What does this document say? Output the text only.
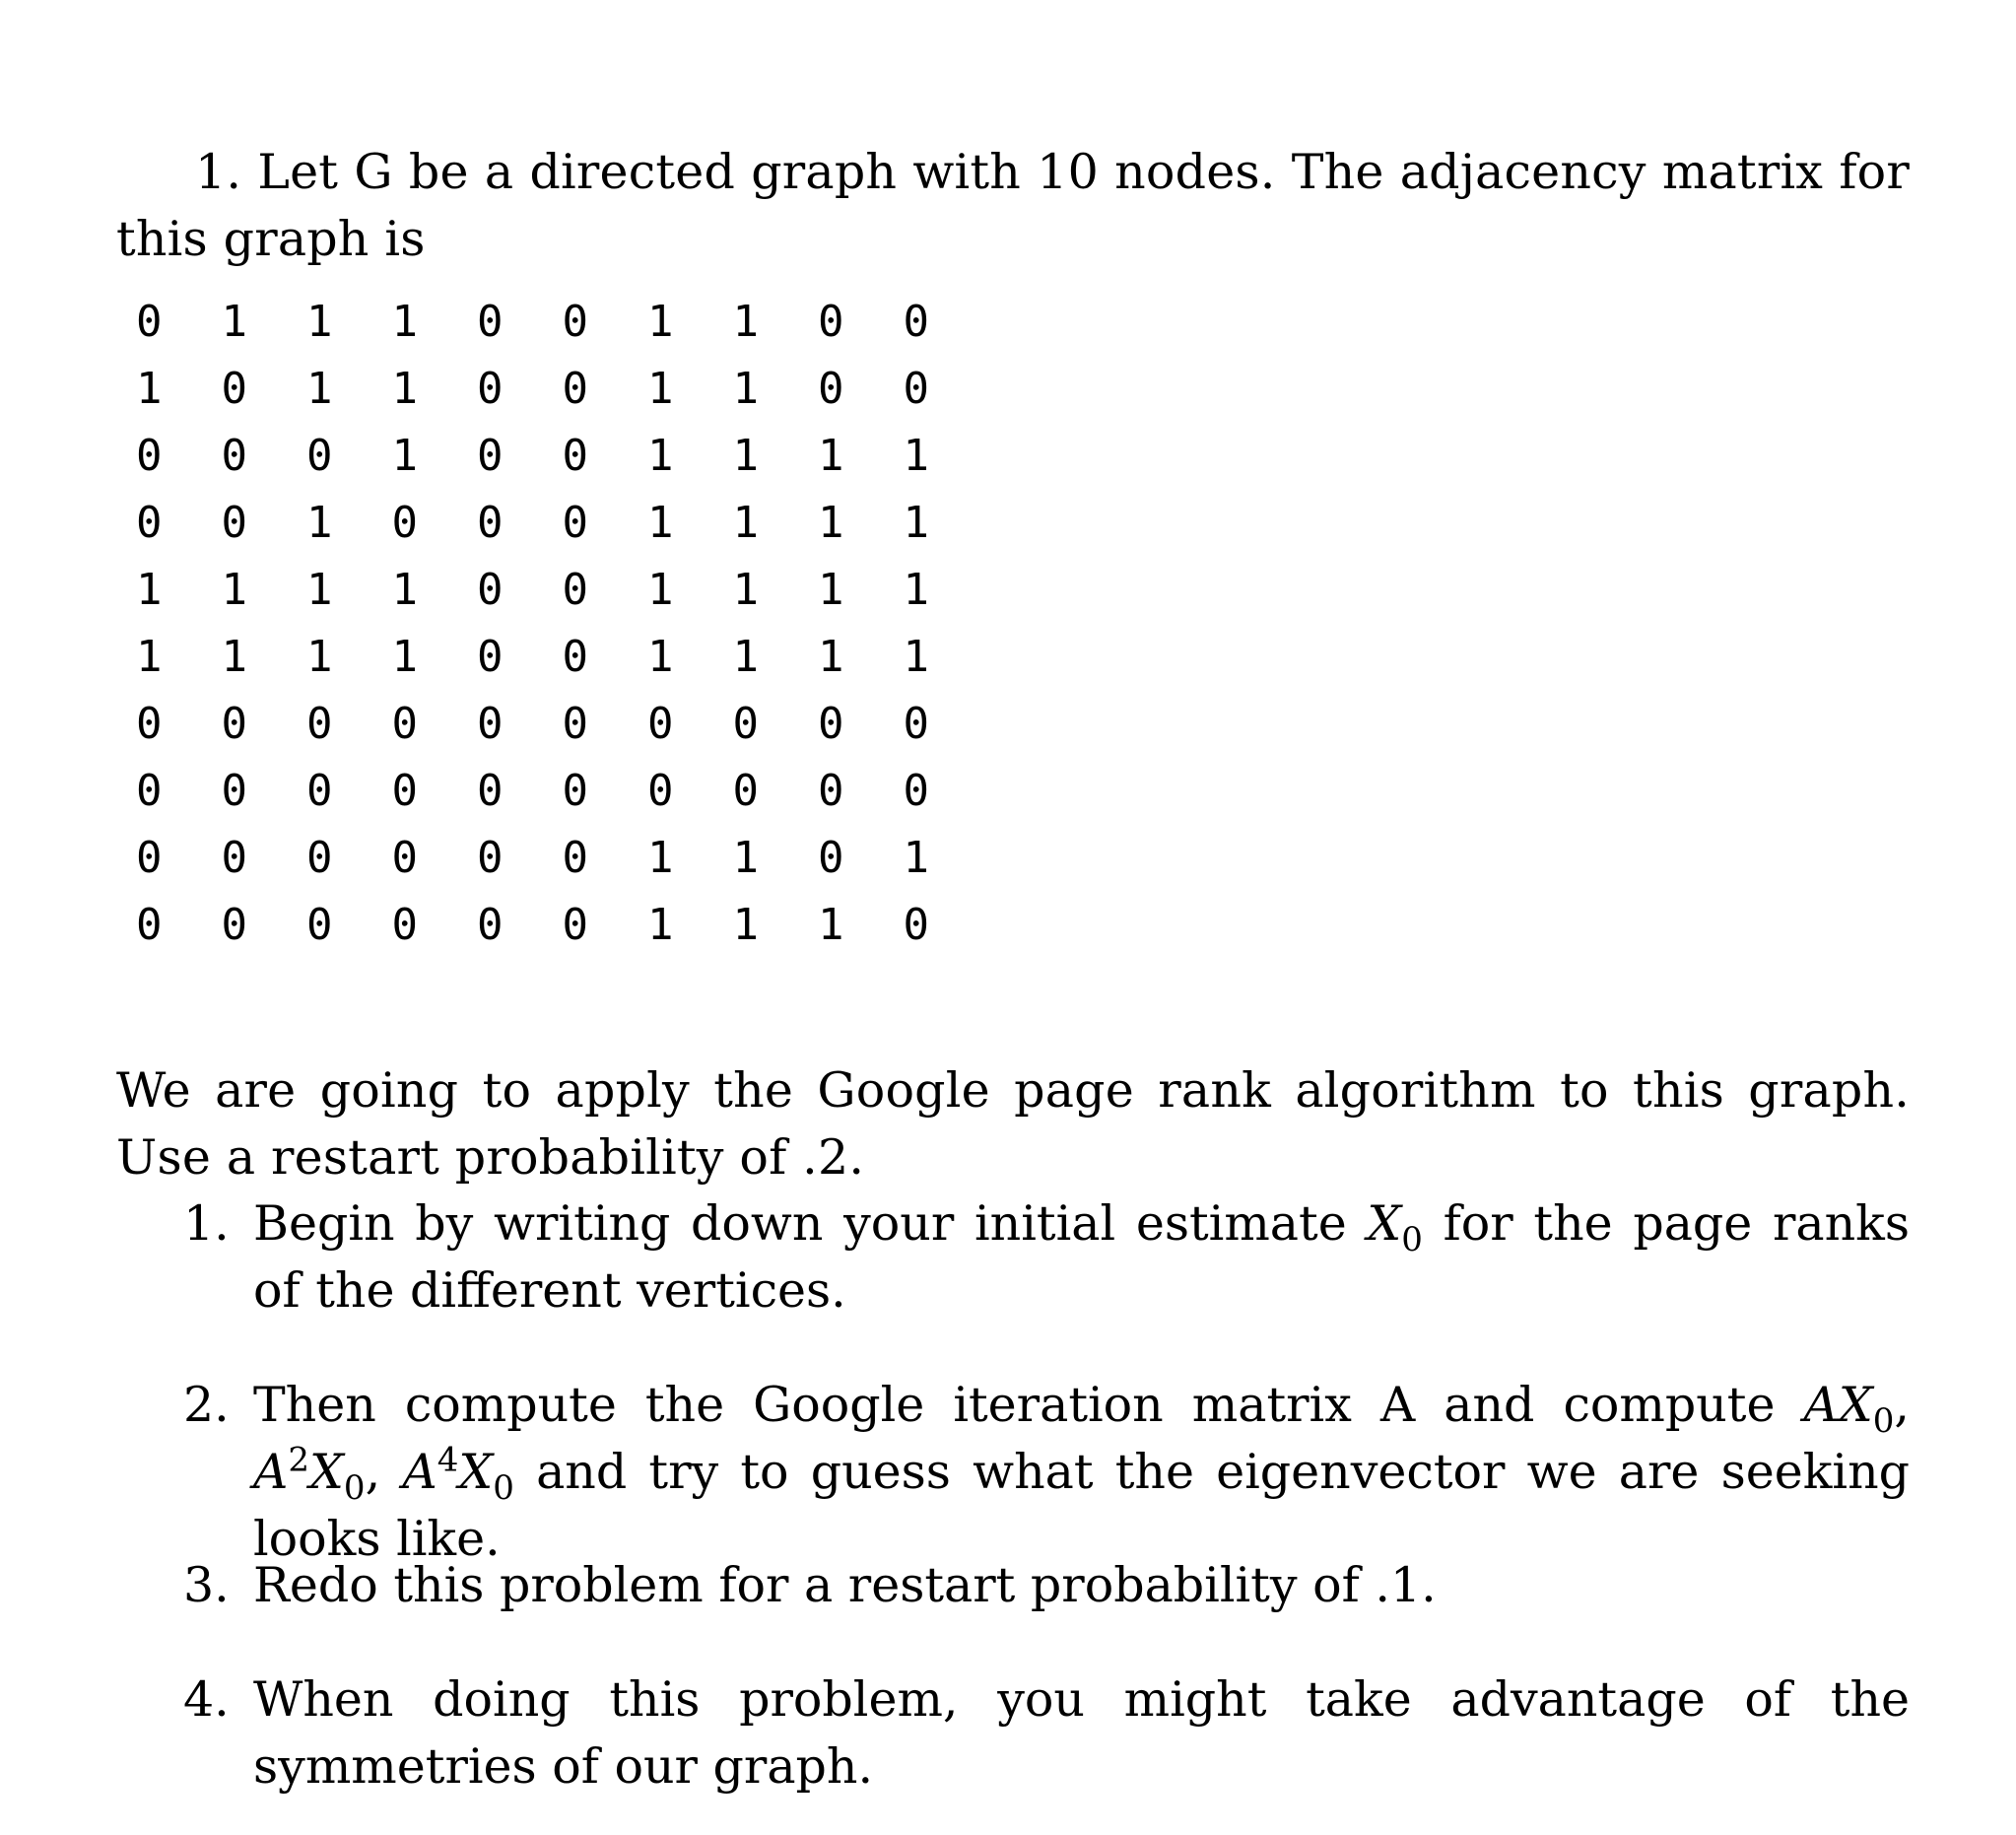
1. Let G be a directed graph with 10 nodes. The adjacency matrix for this graph is

0	1	1	1	0	0	1	1	0	0
1	0	1	1	0	0	1	1	0	0
0	0	0	1	0	0	1	1	1	1
0	0	1	0	0	0	1	1	1	1
1	1	1	1	0	0	1	1	1	1
1	1	1	1	0	0	1	1	1	1
0	0	0	0	0	0	0	0	0	0
0	0	0	0	0	0	0	0	0	0
0	0	0	0	0	0	1	1	0	1
0	0	0	0	0	0	1	1	1	0

We are going to apply the Google page rank algorithm to this graph. Use a restart probability of .2.

1. Begin by writing down your initial estimate $X_0$ for the page ranks of the different vertices.
2. Then compute the Google iteration matrix A and compute $AX_0$, $A^2X_0$, $A^4X_0$ and try to guess what the eigenvector we are seeking looks like.
3. Redo this problem for a restart probability of .1.
4. When doing this problem, you might take advantage of the symmetries of our graph.
